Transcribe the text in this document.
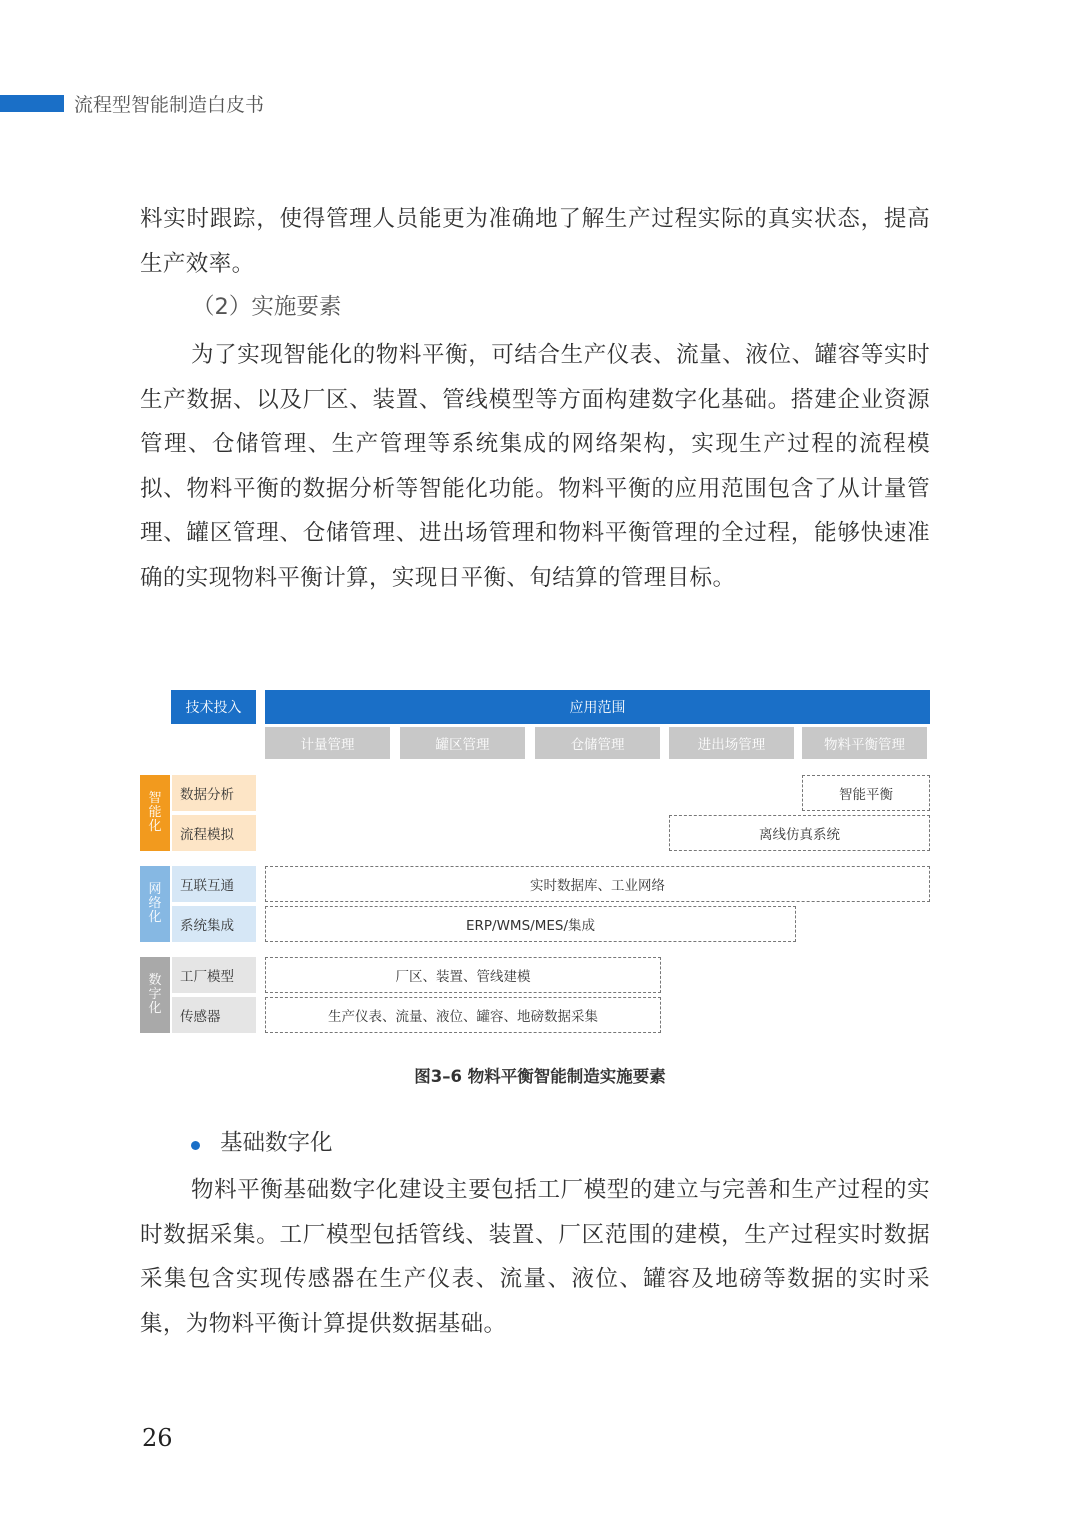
流程型智能制造白皮书

料实时跟踪，使得管理人员能更为准确地了解生产过程实际的真实状态，提高生产效率。

（2）实施要素

为了实现智能化的物料平衡，可结合生产仪表、流量、液位、罐容等实时生产数据、以及厂区、装置、管线模型等方面构建数字化基础。搭建企业资源管理、仓储管理、生产管理等系统集成的网络架构，实现生产过程的流程模拟、物料平衡的数据分析等智能化功能。物料平衡的应用范围包含了从计量管理、罐区管理、仓储管理、进出场管理和物料平衡管理的全过程，能够快速准确的实现物料平衡计算，实现日平衡、旬结算的管理目标。

技术投入	应用范围
计量管理	罐区管理	仓储管理	进出场管理	物料平衡管理
智
能
化
数据分析
流程模拟
网
络
化
互联互通
系统集成
数
字
化
工厂模型
传感器
智能平衡
离线仿真系统
实时数据库、工业网络
ERP/WMS/MES/集成
厂区、装置、管线建模
生产仪表、流量、液位、罐容、地磅数据采集
图3–6 物料平衡智能制造实施要素
基础数字化

物料平衡基础数字化建设主要包括工厂模型的建立与完善和生产过程的实时数据采集。工厂模型包括管线、装置、厂区范围的建模，生产过程实时数据采集包含实现传感器在生产仪表、流量、液位、罐容及地磅等数据的实时采集，为物料平衡计算提供数据基础。

26
